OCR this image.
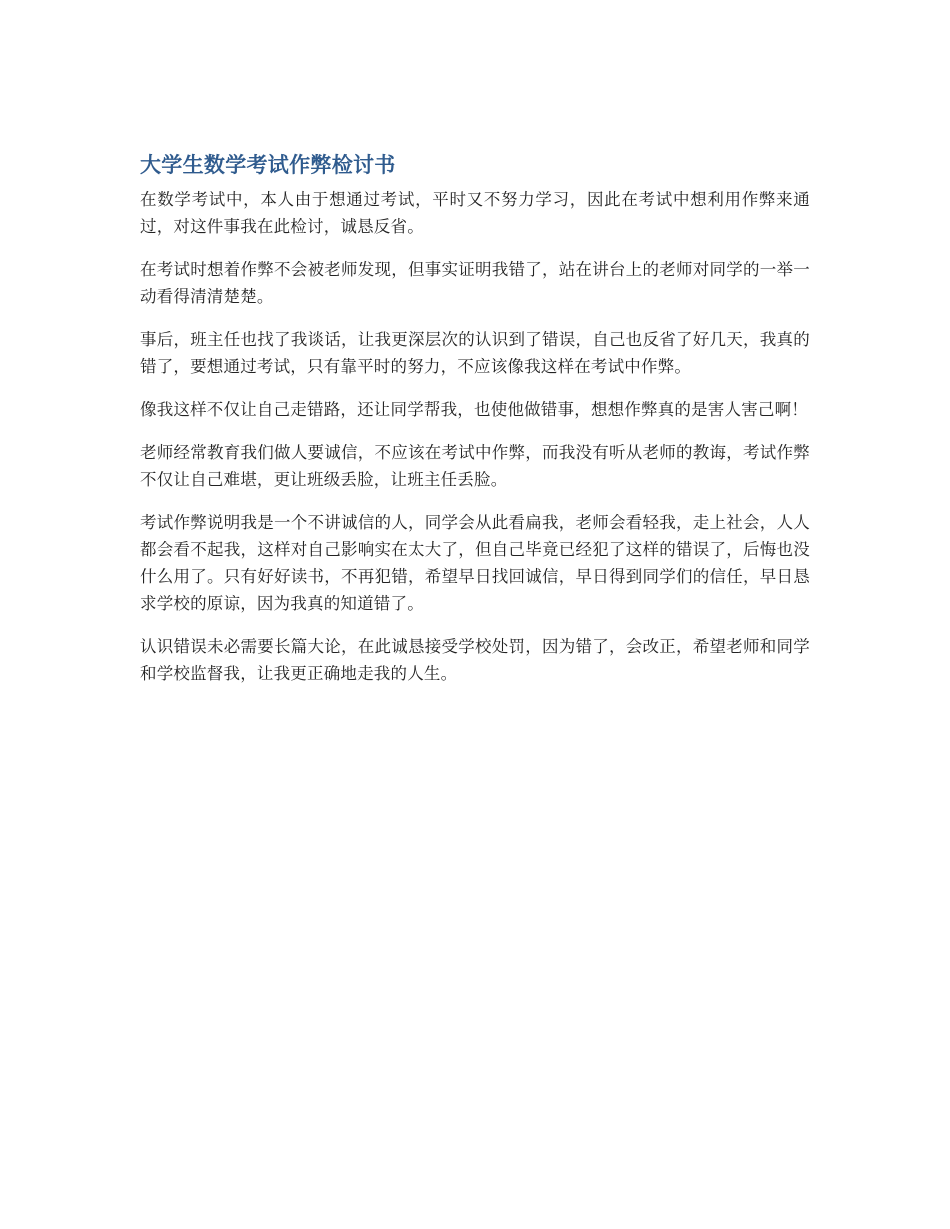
大学生数学考试作弊检讨书

在数学考试中，本人由于想通过考试，平时又不努力学习，因此在考试中想利用作弊来通过，对这件事我在此检讨，诚恳反省。

在考试时想着作弊不会被老师发现，但事实证明我错了，站在讲台上的老师对同学的一举一动看得清清楚楚。

事后，班主任也找了我谈话，让我更深层次的认识到了错误，自己也反省了好几天，我真的错了，要想通过考试，只有靠平时的努力，不应该像我这样在考试中作弊。

像我这样不仅让自己走错路，还让同学帮我，也使他做错事，想想作弊真的是害人害己啊！

老师经常教育我们做人要诚信，不应该在考试中作弊，而我没有听从老师的教诲，考试作弊不仅让自己难堪，更让班级丢脸，让班主任丢脸。

考试作弊说明我是一个不讲诚信的人，同学会从此看扁我，老师会看轻我，走上社会，人人都会看不起我，这样对自己影响实在太大了，但自己毕竟已经犯了这样的错误了，后悔也没什么用了。只有好好读书，不再犯错，希望早日找回诚信，早日得到同学们的信任，早日恳求学校的原谅，因为我真的知道错了。

认识错误未必需要长篇大论，在此诚恳接受学校处罚，因为错了，会改正，希望老师和同学和学校监督我，让我更正确地走我的人生。
